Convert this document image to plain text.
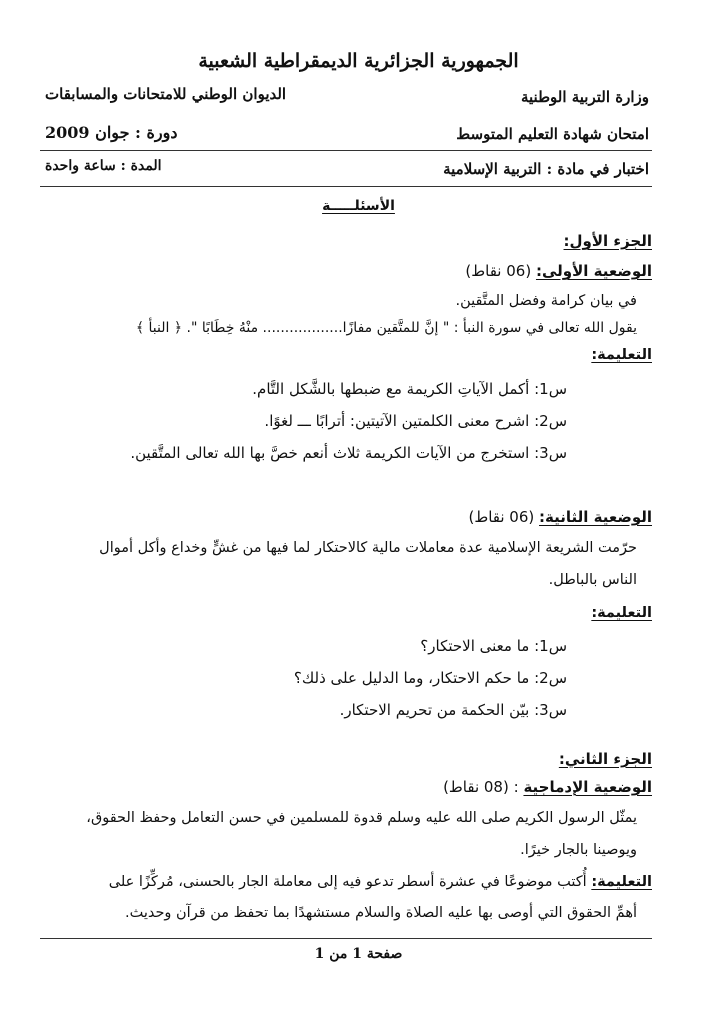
الجمهورية الجزائرية الديمقراطية الشعبية
وزارة التربية الوطنية
الديوان الوطني للامتحانات والمسابقات
امتحان شهادة التعليم المتوسط
دورة : جوان 2009
اختبار في مادة : التربية الإسلامية
المدة : ساعة واحدة
الأسئلـــــة
الجزء الأول:
الوضعية الأولى: (06 نقاط)
في بيان كرامة وفضل المتَّقين.
يقول الله تعالى في سورة النبأ : " إنَّ للمتَّقين مفازًا.................. منْهُ خِطَابًا ". ﴿ النبأ ﴾
التعليمة:
س1: أكمل الآياتِ الكريمة مع ضبطها بالشَّكل التَّام.
س2: اشرح معنى الكلمتين الآتيتين: أترابًا ـــ لغوًا.
س3: استخرج من الآيات الكريمة ثلاث أنعم خصَّ بها الله تعالى المتَّقين.
الوضعية الثانية: (06 نقاط)
حرّمت الشريعة الإسلامية عدة معاملات مالية كالاحتكار لما فيها من غشٍّ وخداع وأكل أموال
الناس بالباطل.
التعليمة:
س1: ما معنى الاحتكار؟
س2: ما حكم الاحتكار، وما الدليل على ذلك؟
س3: بيّن الحكمة من تحريم الاحتكار.
الجزء الثاني:
الوضعية الإدماجية : (08 نقاط)
يمثّل الرسول الكريم صلى الله عليه وسلم قدوة للمسلمين في حسن التعامل وحفظ الحقوق،
ويوصينا بالجار خيرًا.
التعليمة: أُكتب موضوعًا في عشرة أسطر تدعو فيه إلى معاملة الجار بالحسنى، مُركِّزًا على
أهمِّ الحقوق التي أوصى بها عليه الصلاة والسلام مستشهدًا بما تحفظ من قرآن وحديث.
صفحة 1 من 1
